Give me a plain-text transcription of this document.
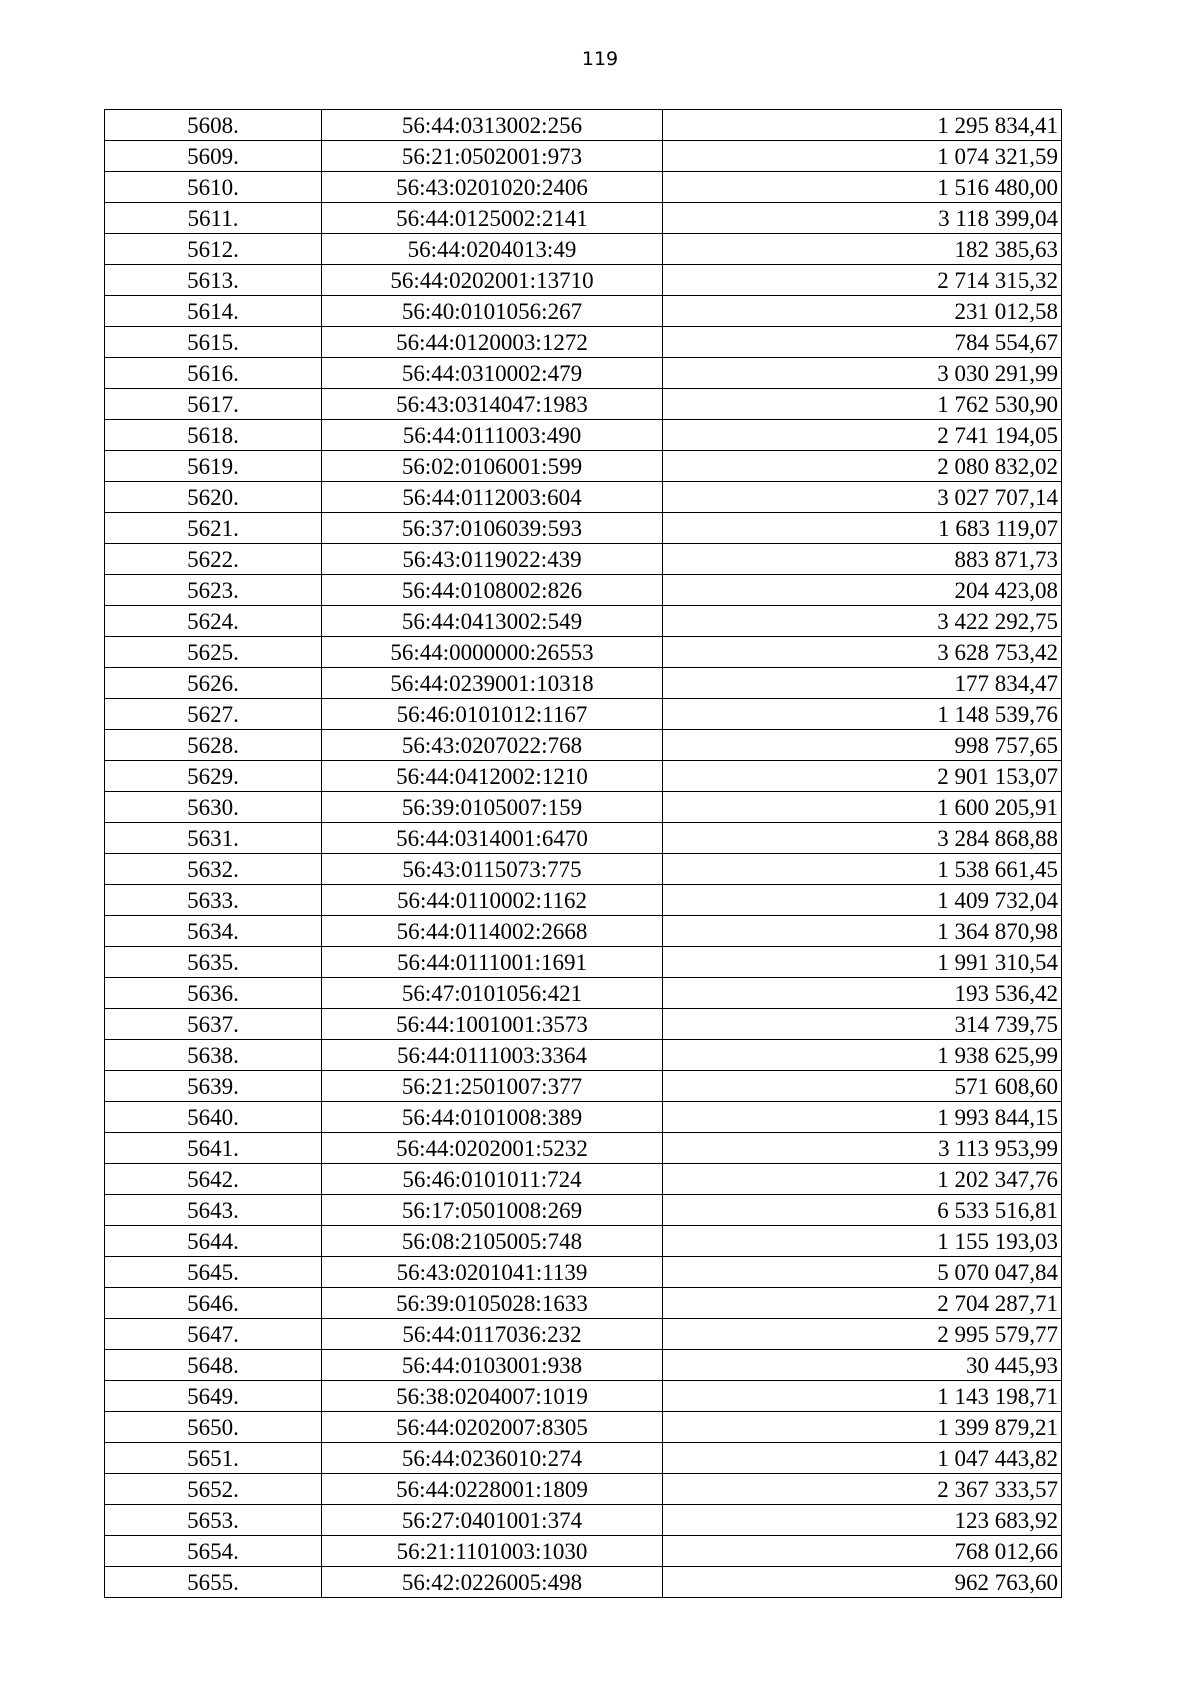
119
5608.	56:44:0313002:256	1 295 834,41
5609.	56:21:0502001:973	1 074 321,59
5610.	56:43:0201020:2406	1 516 480,00
5611.	56:44:0125002:2141	3 118 399,04
5612.	56:44:0204013:49	182 385,63
5613.	56:44:0202001:13710	2 714 315,32
5614.	56:40:0101056:267	231 012,58
5615.	56:44:0120003:1272	784 554,67
5616.	56:44:0310002:479	3 030 291,99
5617.	56:43:0314047:1983	1 762 530,90
5618.	56:44:0111003:490	2 741 194,05
5619.	56:02:0106001:599	2 080 832,02
5620.	56:44:0112003:604	3 027 707,14
5621.	56:37:0106039:593	1 683 119,07
5622.	56:43:0119022:439	883 871,73
5623.	56:44:0108002:826	204 423,08
5624.	56:44:0413002:549	3 422 292,75
5625.	56:44:0000000:26553	3 628 753,42
5626.	56:44:0239001:10318	177 834,47
5627.	56:46:0101012:1167	1 148 539,76
5628.	56:43:0207022:768	998 757,65
5629.	56:44:0412002:1210	2 901 153,07
5630.	56:39:0105007:159	1 600 205,91
5631.	56:44:0314001:6470	3 284 868,88
5632.	56:43:0115073:775	1 538 661,45
5633.	56:44:0110002:1162	1 409 732,04
5634.	56:44:0114002:2668	1 364 870,98
5635.	56:44:0111001:1691	1 991 310,54
5636.	56:47:0101056:421	193 536,42
5637.	56:44:1001001:3573	314 739,75
5638.	56:44:0111003:3364	1 938 625,99
5639.	56:21:2501007:377	571 608,60
5640.	56:44:0101008:389	1 993 844,15
5641.	56:44:0202001:5232	3 113 953,99
5642.	56:46:0101011:724	1 202 347,76
5643.	56:17:0501008:269	6 533 516,81
5644.	56:08:2105005:748	1 155 193,03
5645.	56:43:0201041:1139	5 070 047,84
5646.	56:39:0105028:1633	2 704 287,71
5647.	56:44:0117036:232	2 995 579,77
5648.	56:44:0103001:938	30 445,93
5649.	56:38:0204007:1019	1 143 198,71
5650.	56:44:0202007:8305	1 399 879,21
5651.	56:44:0236010:274	1 047 443,82
5652.	56:44:0228001:1809	2 367 333,57
5653.	56:27:0401001:374	123 683,92
5654.	56:21:1101003:1030	768 012,66
5655.	56:42:0226005:498	962 763,60
